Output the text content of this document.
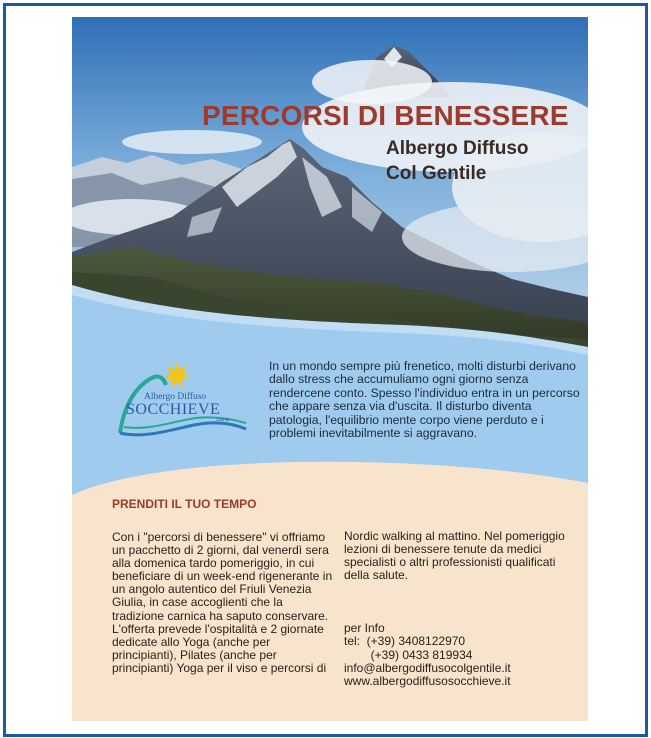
PERCORSI DI BENESSERE
Albergo Diffuso
Col Gentile
Albergo Diffuso
SOCCHIEVE
Carnia
In un mondo sempre più frenetico, molti disturbi derivano dallo stress che accumuliamo ogni giorno senza rendercene conto. Spesso l'individuo entra in un percorso che appare senza via d'uscita. Il disturbo diventa patologia, l'equilibrio mente corpo viene perduto e i problemi inevitabilmente si aggravano.
PRENDITI IL TUO TEMPO

Con i "percorsi di benessere" vi offriamo un pacchetto di 2 giorni, dal venerdì sera alla domenica tardo pomeriggio, in cui beneficiare di un week-end rigenerante in un angolo autentico del Friuli Venezia Giulia, in case accoglienti che la tradizione carnica ha saputo conservare.

L'offerta prevede l'ospitalità e 2 giornate dedicate allo Yoga (anche per principianti), Pilates (anche per principianti) Yoga per il viso e percorsi di

Nordic walking al mattino. Nel pomeriggio lezioni di benessere tenute da medici specialisti o altri professionisti qualificati della salute.

per Info
tel:  (+39) 3408122970
(+39) 0433 819934
info@albergodiffusocolgentile.it
www.albergodiffusosocchieve.it
